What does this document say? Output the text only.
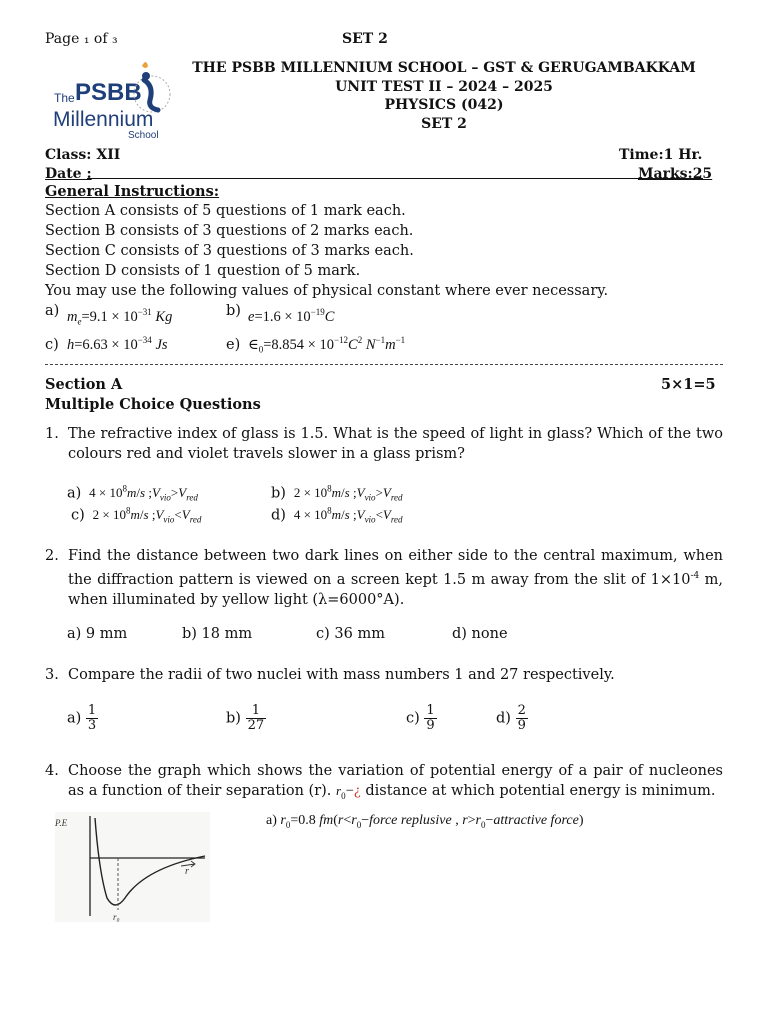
Page ₁ of ₃	SET 2
The PSBB
Millennium
School
THE PSBB MILLENNIUM SCHOOL – GST & GERUGAMBAKKAM
UNIT TEST II – 2024 – 2025
PHYSICS (042)
SET 2
Class: XII	Time:1 Hr.
Date :	Marks:25
General Instructions:
Section A consists of 5 questions of 1 mark each.
Section B consists of 3 questions of 2 marks each.
Section C consists of 3 questions of 3 marks each.
Section D consists of 1 question of 5 mark.
You may use the following values of physical constant where ever necessary.
a) $m_e=9.1 \times 10^{-31}$ Kg	b) $e=1.6 \times 10^{-19}C$
c) $h=6.63 \times 10^{-34}$ Js	e) $\in_0=8.854 \times 10^{-12}C^2$ $N^{-1}m^{-1}$
Section A	5×1=5
Multiple Choice Questions
1. The refractive index of glass is 1.5. What is the speed of light in glass? Which of the two colours red and violet travels slower in a glass prism?
a)  $4 \times 10^8m/s$ $;V_{vio}>V_{red}$	b)  $2 \times 10^8m/s$ $;V_{vio}>V_{red}$
c)  $2 \times 10^8m/s$ $;V_{vio}<V_{red}$	d)  $4 \times 10^8m/s$ $;V_{vio}<V_{red}$
2. Find the distance between two dark lines on either side to the central maximum, when the diffraction pattern is viewed on a screen kept 1.5 m away from the slit of $1\times 10^{-4}$ m, when illuminated by yellow light (λ=6000°A).
a) 9 mm	b) 18 mm	c) 36 mm	d) none
3. Compare the radii of two nuclei with mass numbers 1 and 27 respectively.
$a) \frac{1}{3}$	$b) \frac{1}{27}$	$c) \frac{1}{9}$	$d) \frac{2}{9}$
4. Choose the graph which shows the variation of potential energy of a pair of nucleones as a function of their separation (r). $r_0-¿$ distance at which potential energy is minimum.
P.E
r
r₀
a) $r_0=0.8$ $fm(r<r_0-force$ replusive , $r>r_0-attractive$ force)
